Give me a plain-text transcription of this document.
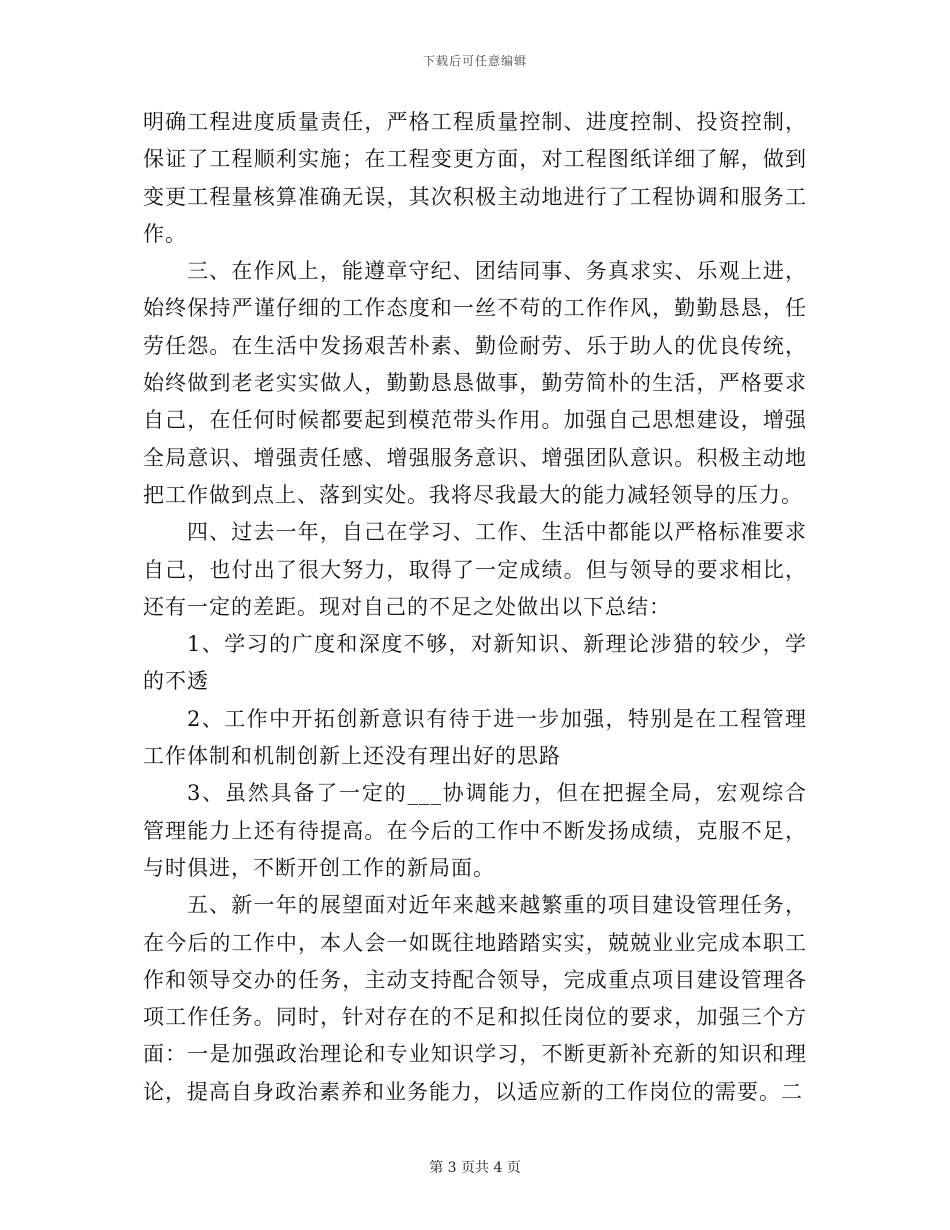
下载后可任意编辑

明确工程进度质量责任，严格工程质量控制、进度控制、投资控制，保证了工程顺利实施；在工程变更方面，对工程图纸详细了解，做到变更工程量核算准确无误，其次积极主动地进行了工程协调和服务工作。

三、在作风上，能遵章守纪、团结同事、务真求实、乐观上进，始终保持严谨仔细的工作态度和一丝不苟的工作作风，勤勤恳恳，任劳任怨。在生活中发扬艰苦朴素、勤俭耐劳、乐于助人的优良传统，始终做到老老实实做人，勤勤恳恳做事，勤劳简朴的生活，严格要求自己，在任何时候都要起到模范带头作用。加强自己思想建设，增强全局意识、增强责任感、增强服务意识、增强团队意识。积极主动地把工作做到点上、落到实处。我将尽我最大的能力减轻领导的压力。

四、过去一年，自己在学习、工作、生活中都能以严格标准要求自己，也付出了很大努力，取得了一定成绩。但与领导的要求相比，还有一定的差距。现对自己的不足之处做出以下总结：

1、学习的广度和深度不够，对新知识、新理论涉猎的较少，学的不透

2、工作中开拓创新意识有待于进一步加强，特别是在工程管理工作体制和机制创新上还没有理出好的思路

3、虽然具备了一定的___协调能力，但在把握全局，宏观综合管理能力上还有待提高。在今后的工作中不断发扬成绩，克服不足，与时俱进，不断开创工作的新局面。

五、新一年的展望面对近年来越来越繁重的项目建设管理任务，在今后的工作中，本人会一如既往地踏踏实实，兢兢业业完成本职工作和领导交办的任务，主动支持配合领导，完成重点项目建设管理各项工作任务。同时，针对存在的不足和拟任岗位的要求，加强三个方面：一是加强政治理论和专业知识学习，不断更新补充新的知识和理论，提高自身政治素养和业务能力，以适应新的工作岗位的需要。二

第 3 页共 4 页
